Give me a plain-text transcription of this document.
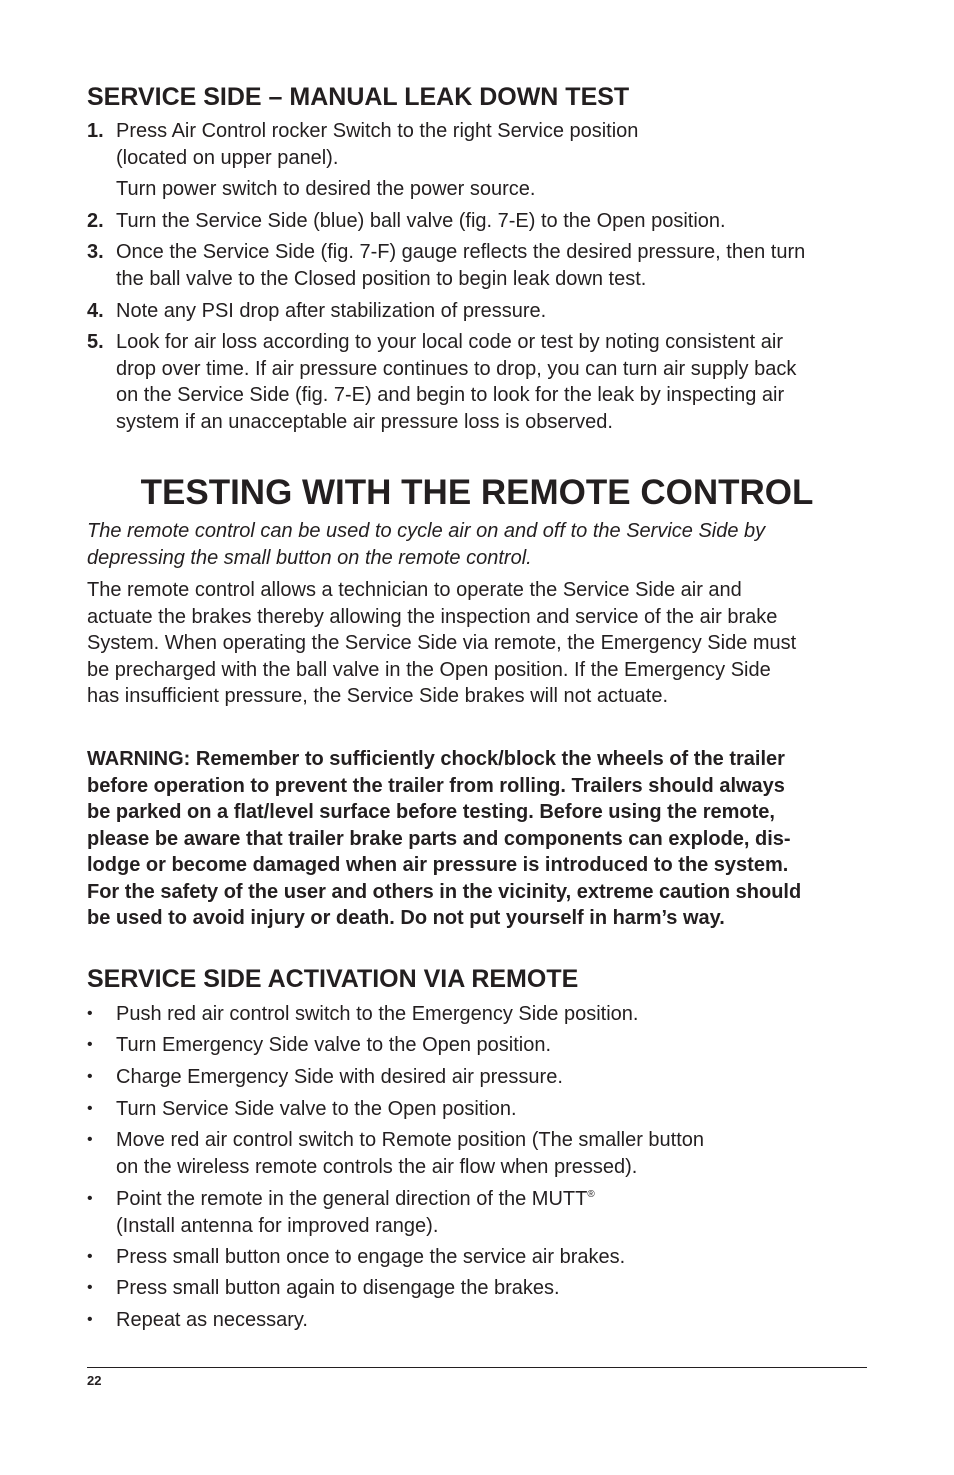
SERVICE SIDE – MANUAL LEAK DOWN TEST
1. Press Air Control rocker Switch to the right Service position
(located on upper panel).
Turn power switch to desired the power source.
2. Turn the Service Side (blue) ball valve (fig. 7-E) to the Open position.
3. Once the Service Side (fig. 7-F) gauge reflects the desired pressure, then turn
the ball valve to the Closed position to begin leak down test.
4. Note any PSI drop after stabilization of pressure.
5. Look for air loss according to your local code or test by noting consistent air
drop over time. If air pressure continues to drop, you can turn air supply back
on the Service Side (fig. 7-E) and begin to look for the leak by inspecting air
system if an unacceptable air pressure loss is observed.
TESTING WITH THE REMOTE CONTROL
The remote control can be used to cycle air on and off to the Service Side by
depressing the small button on the remote control.
The remote control allows a technician to operate the Service Side air and
actuate the brakes thereby allowing the inspection and service of the air brake
System. When operating the Service Side via remote, the Emergency Side must
be precharged with the ball valve in the Open position. If the Emergency Side
has insufficient pressure, the Service Side brakes will not actuate.
WARNING: Remember to sufficiently chock/block the wheels of the trailer
before operation to prevent the trailer from rolling. Trailers should always
be parked on a flat/level surface before testing. Before using the remote,
please be aware that trailer brake parts and components can explode, dis-
lodge or become damaged when air pressure is introduced to the system.
For the safety of the user and others in the vicinity, extreme caution should
be used to avoid injury or death. Do not put yourself in harm’s way.
SERVICE SIDE ACTIVATION VIA REMOTE
•	Push red air control switch to the Emergency Side position.
•	Turn Emergency Side valve to the Open position.
•	Charge Emergency Side with desired air pressure.
•	Turn Service Side valve to the Open position.
•	Move red air control switch to Remote position (The smaller button
on the wireless remote controls the air flow when pressed).
•	Point the remote in the general direction of the MUTT®
(Install antenna for improved range).
•	Press small button once to engage the service air brakes.
•	Press small button again to disengage the brakes.
•	Repeat as necessary.
22
